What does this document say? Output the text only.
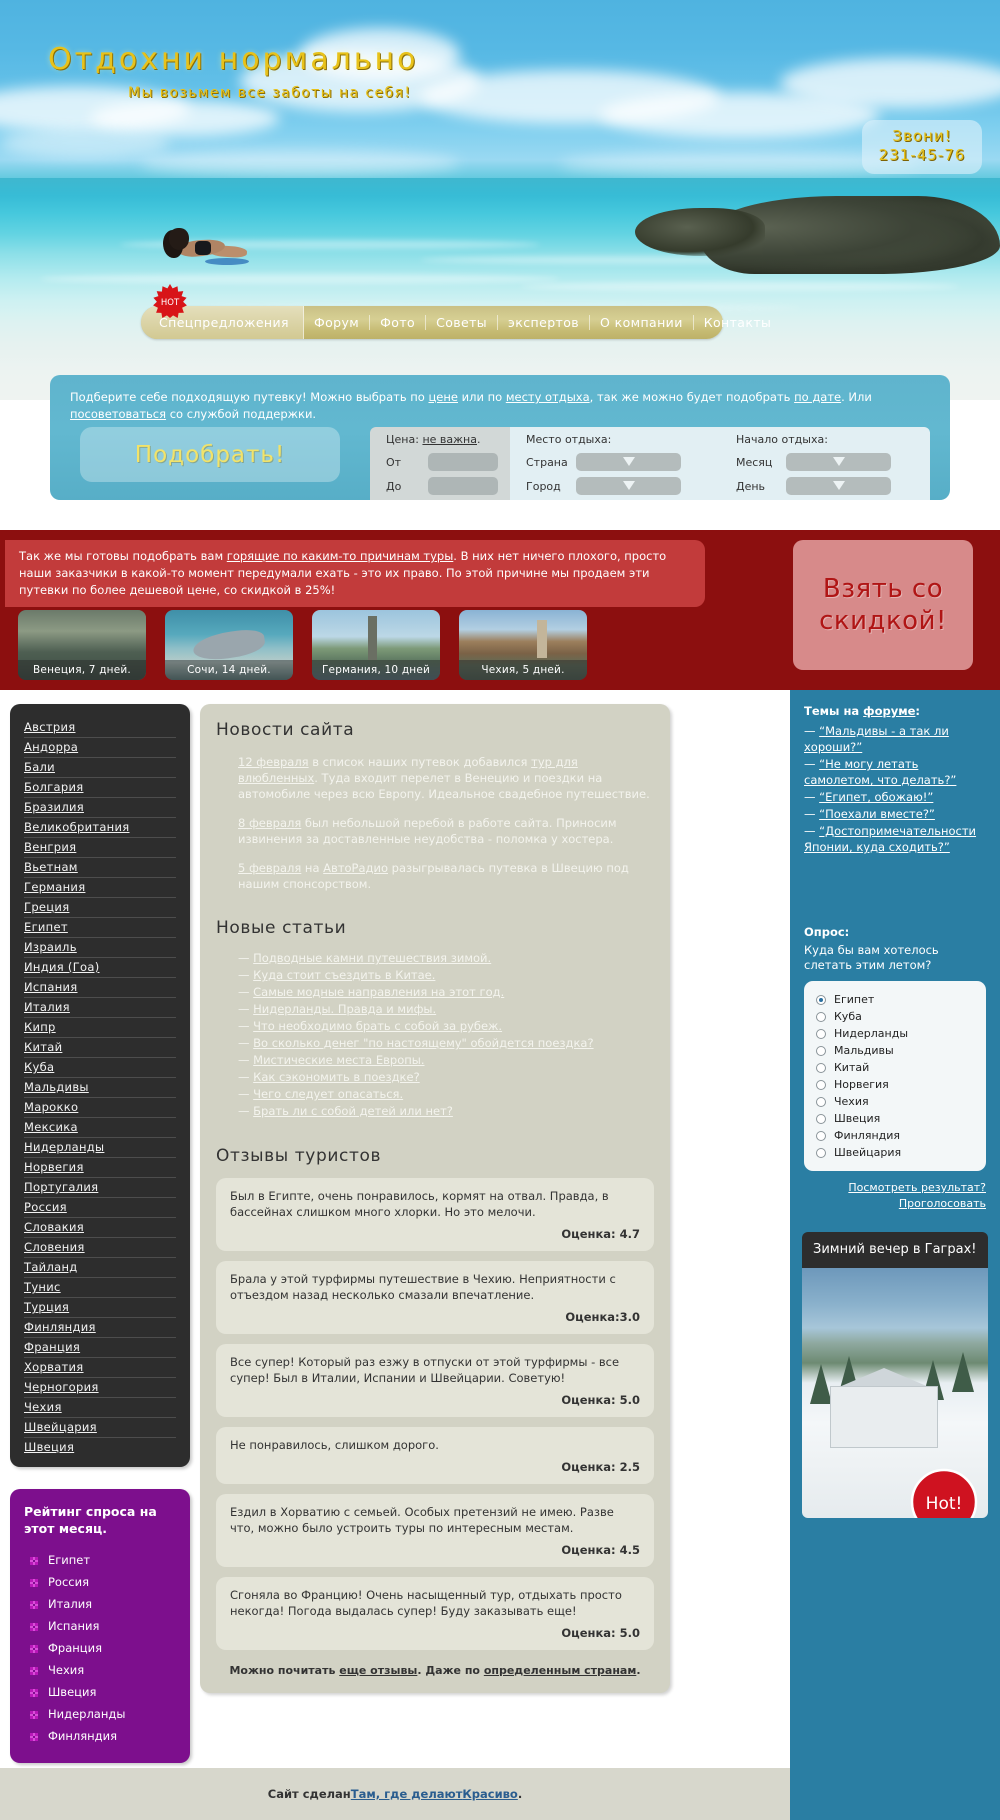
Отдохни нормально
Мы возьмем все заботы на себя!
Звони!
231-45-76
HOT
Спецпредложения	Форум	Фото	Советы	экспертов	О компании	Контакты
Подберите себе подходящую путевку! Можно выбрать по цене или по месту отдыха, так же можно будет подобрать по дате. Или посоветоваться со службой поддержки.
Подобрать!
Цена: не важна.
От
До
Место отдыха:
Страна
Город
Начало отдыха:
Месяц
День
Так же мы готовы подобрать вам горящие по каким-то причинам туры. В них нет ничего плохого, просто наши заказчики в какой-то момент передумали ехать - это их право. По этой причине мы продаем эти путевки по более дешевой цене, со скидкой в 25%!
Венеция, 7 дней.	Сочи, 14 дней.	Германия, 10 дней	Чехия, 5 дней.
Взять со скидкой!
Австрия
Андорра
Бали
Болгария
Бразилия
Великобритания
Венгрия
Вьетнам
Германия
Греция
Египет
Израиль
Индия (Гоа)
Испания
Италия
Кипр
Китай
Куба
Мальдивы
Марокко
Мексика
Нидерланды
Норвегия
Португалия
Россия
Словакия
Словения
Тайланд
Тунис
Турция
Финляндия
Франция
Хорватия
Черногория
Чехия
Швейцария
Швеция
Рейтинг спроса на этот месяц.
Египет
Россия
Италия
Испания
Франция
Чехия
Швеция
Нидерланды
Финляндия
Новости сайта

12 февраля в список наших путевок добавился тур для влюбленных. Туда входит перелет в Венецию и поездки на автомобиле через всю Европу. Идеальное свадебное путешествие.

8 февраля был небольшой перебой в работе сайта. Приносим извинения за доставленные неудобства - поломка у хостера.

5 февраля на АвтоРадио разыгрывалась путевка в Швецию под нашим спонсорством.

Новые статьи
— Подводные камни путешествия зимой.
— Куда стоит съездить в Китае.
— Самые модные направления на этот год.
— Нидерланды. Правда и мифы.
— Что необходимо брать с собой за рубеж.
— Во сколько денег "по настоящему" обойдется поездка?
— Мистические места Европы.
— Как сэкономить в поездке?
— Чего следует опасаться.
— Брать ли с собой детей или нет?
Отзывы туристов
Был в Египте, очень понравилось, кормят на отвал. Правда, в бассейнах слишком много хлорки. Но это мелочи.
Оценка: 4.7
Брала у этой турфирмы путешествие в Чехию. Неприятности с отъездом назад несколько смазали впечатление.
Оценка:3.0
Все супер! Который раз езжу в отпуски от этой турфирмы - все супер! Был в Италии, Испании и Швейцарии. Советую!
Оценка: 5.0
Не понравилось, слишком дорого.
Оценка: 2.5
Ездил в Хорватию с семьей. Особых претензий не имею. Разве что, можно было устроить туры по интересным местам.
Оценка: 4.5
Сгоняла во Францию! Очень насыщенный тур, отдыхать просто некогда! Погода выдалась супер! Буду заказывать еще!
Оценка: 5.0
Можно почитать еще отзывы. Даже по определенным странам.
Темы на форуме:
— “Мальдивы - а так ли хороши?”
— “Не могу летать самолетом, что делать?”
— “Египет, обожаю!”
— “Поехали вместе?”
— “Достопримечательности Японии, куда сходить?”
Опрос:
Куда бы вам хотелось слетать этим летом?
Египет
Куба
Нидерланды
Мальдивы
Китай
Норвегия
Чехия
Швеция
Финляндия
Швейцария
Посмотреть результат?
Проголосовать
Зимний вечер в Гаграх!
Hot!
Сайт сделан Там, где делают Красиво .
